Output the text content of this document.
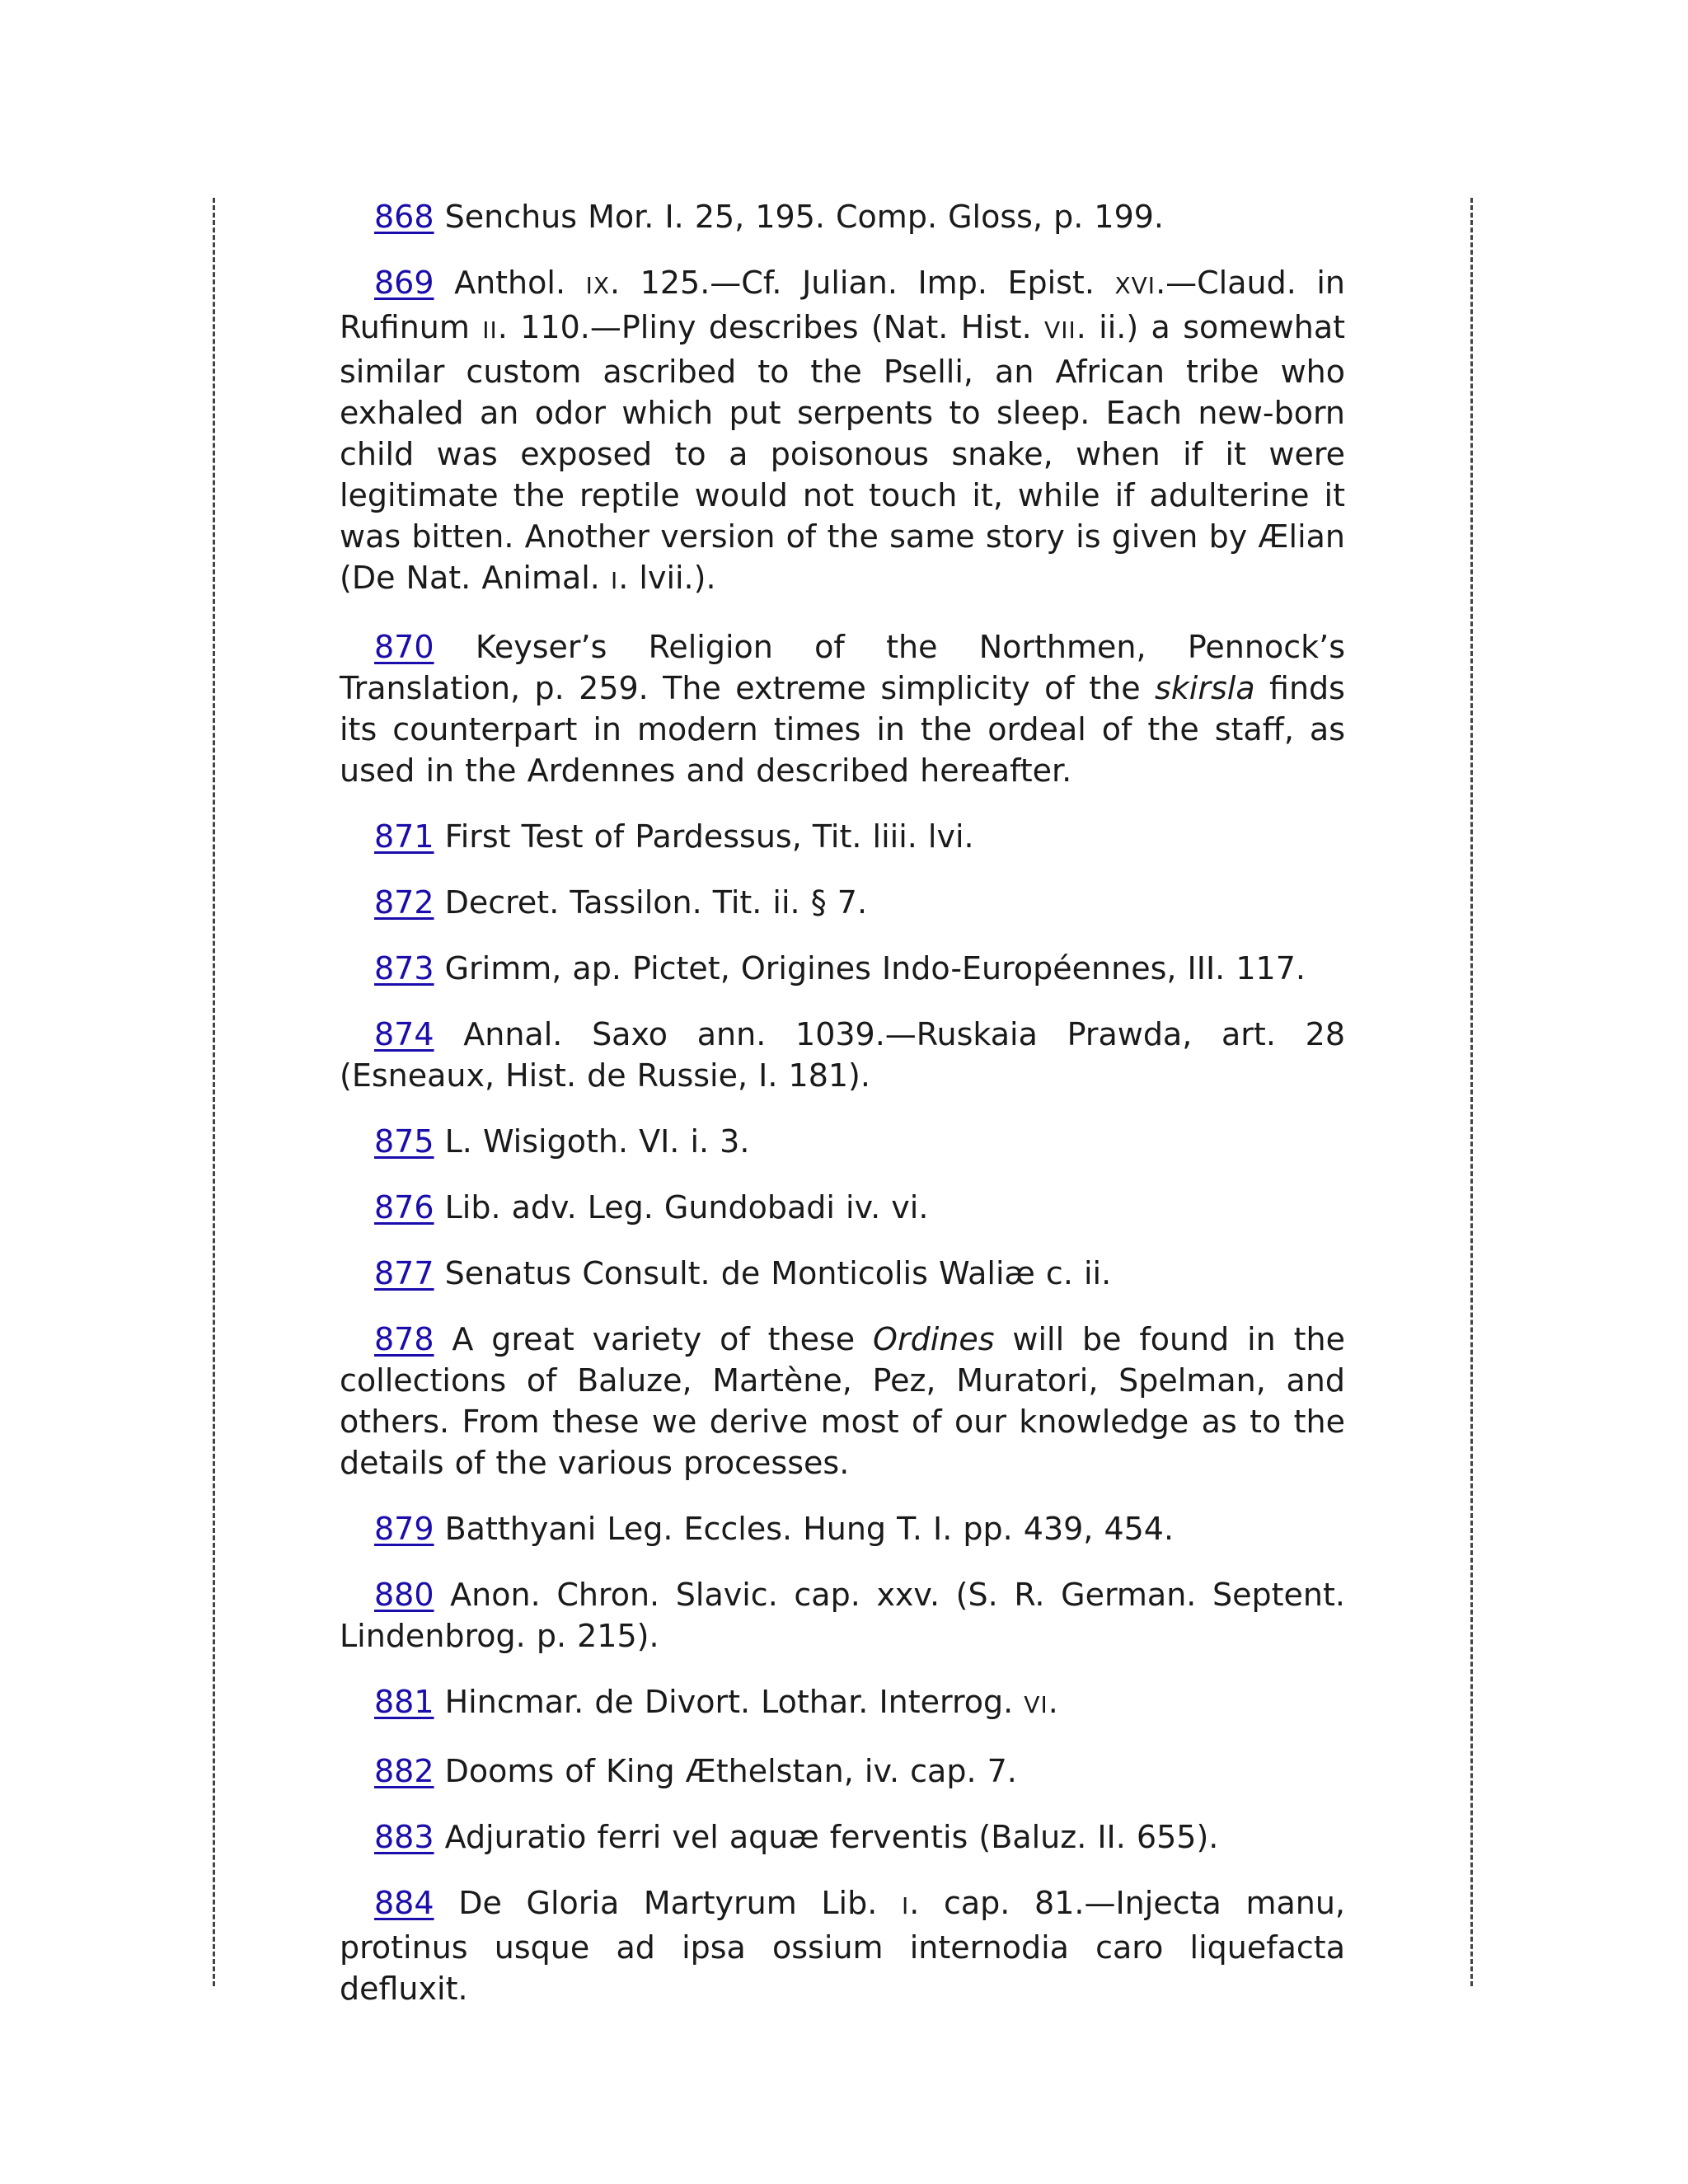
868 Senchus Mor. I. 25, 195. Comp. Gloss, p. 199.

869 Anthol. IX. 125.—Cf. Julian. Imp. Epist. XVI.—Claud. in Rufinum II. 110.—Pliny describes (Nat. Hist. VII. ii.) a somewhat similar custom ascribed to the Pselli, an African tribe who exhaled an odor which put serpents to sleep. Each new-born child was exposed to a poisonous snake, when if it were legitimate the reptile would not touch it, while if adulterine it was bitten. Another version of the same story is given by Ælian (De Nat. Animal. I. lvii.).

870 Keyser’s Religion of the Northmen, Pennock’s Translation, p. 259. The extreme simplicity of the skirsla finds its counterpart in modern times in the ordeal of the staff, as used in the Ardennes and described hereafter.

871 First Test of Pardessus, Tit. liii. lvi.

872 Decret. Tassilon. Tit. ii. § 7.

873 Grimm, ap. Pictet, Origines Indo-Européennes, III. 117.

874 Annal. Saxo ann. 1039.—Ruskaia Prawda, art. 28 (Esneaux, Hist. de Russie, I. 181).

875 L. Wisigoth. VI. i. 3.

876 Lib. adv. Leg. Gundobadi iv. vi.

877 Senatus Consult. de Monticolis Waliæ c. ii.

878 A great variety of these Ordines will be found in the collections of Baluze, Martène, Pez, Muratori, Spelman, and others. From these we derive most of our knowledge as to the details of the various processes.

879 Batthyani Leg. Eccles. Hung T. I. pp. 439, 454.

880 Anon. Chron. Slavic. cap. xxv. (S. R. German. Septent. Lindenbrog. p. 215).

881 Hincmar. de Divort. Lothar. Interrog. VI.

882 Dooms of King Æthelstan, iv. cap. 7.

883 Adjuratio ferri vel aquæ ferventis (Baluz. II. 655).

884 De Gloria Martyrum Lib. I. cap. 81.—Injecta manu, protinus usque ad ipsa ossium internodia caro liquefacta defluxit.
